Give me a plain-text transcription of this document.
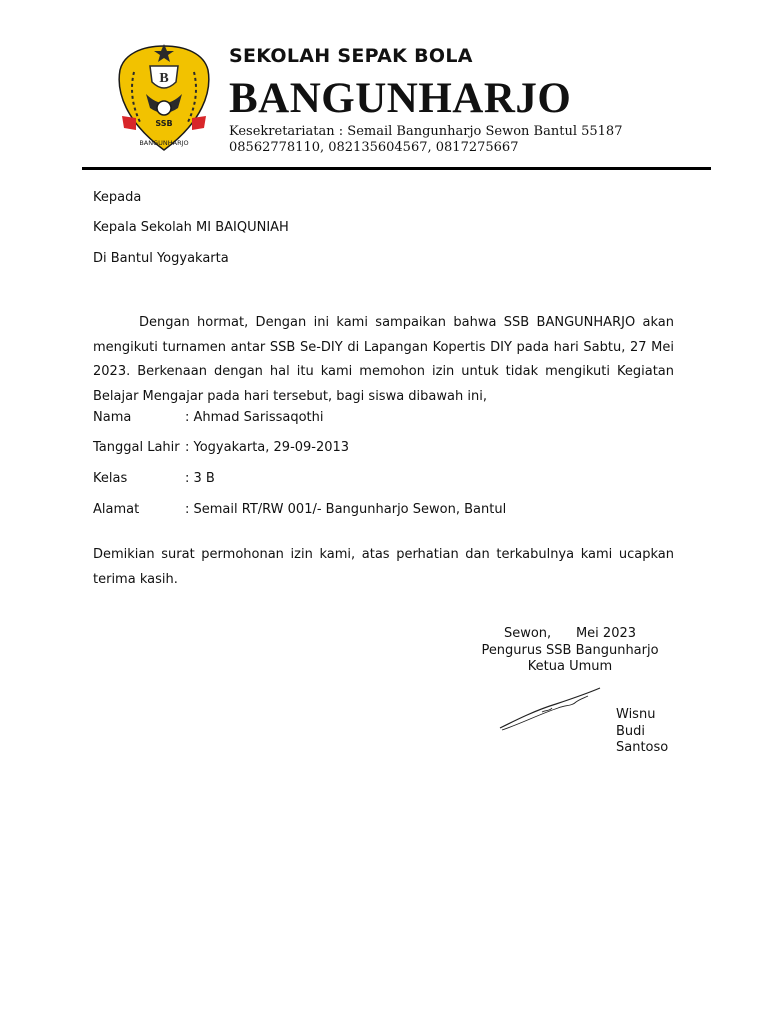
B
SSB
BANGUNHARJO
SEKOLAH SEPAK BOLA
BANGUNHARJO
Kesekretariatan : Semail Bangunharjo Sewon Bantul 55187
08562778110, 082135604567, 0817275667
Kepada
Kepala Sekolah MI BAIQUNIAH
Di Bantul Yogyakarta
Dengan hormat, Dengan ini kami sampaikan bahwa SSB BANGUNHARJO akan mengikuti turnamen antar SSB Se-DIY di Lapangan Kopertis DIY pada hari Sabtu, 27 Mei 2023. Berkenaan dengan hal itu kami memohon izin untuk tidak mengikuti Kegiatan Belajar Mengajar pada hari tersebut, bagi siswa dibawah ini,
Nama	: Ahmad Sarissaqothi
Tanggal Lahir : Yogyakarta, 29-09-2013
Kelas	: 3 B
Alamat	: Semail RT/RW 001/- Bangunharjo Sewon, Bantul
Demikian surat permohonan izin kami, atas perhatian dan terkabulnya kami ucapkan terima kasih.
Sewon,      Mei 2023
Pengurus SSB Bangunharjo
Ketua Umum
Wisnu
Budi
Santoso
